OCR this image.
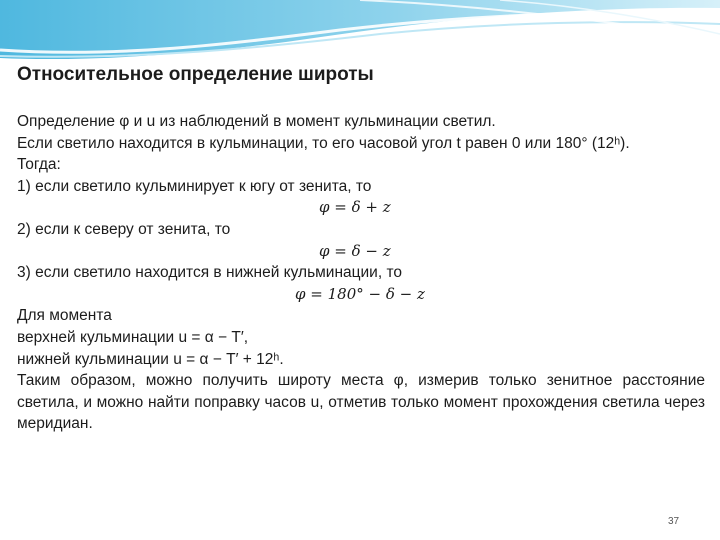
Относительное определение широты
Определение φ и u из наблюдений в момент кульминации светил.
Если светило находится в кульминации, то его часовой угол t равен 0 или 180° (12ʰ).
Тогда:
1) если светило кульминирует к югу от зенита, то
φ = δ + z
2) если к северу от зенита, то
φ = δ − z
3) если светило находится в нижней кульминации, то
φ = 180° − δ − z
Для момента
верхней кульминации u = α − T′,
нижней кульминации u = α − T′ + 12ʰ.
Таким образом, можно получить широту места φ, измерив только зенитное расстояние светила, и можно найти поправку часов u, отметив только момент прохождения светила через меридиан.
37
